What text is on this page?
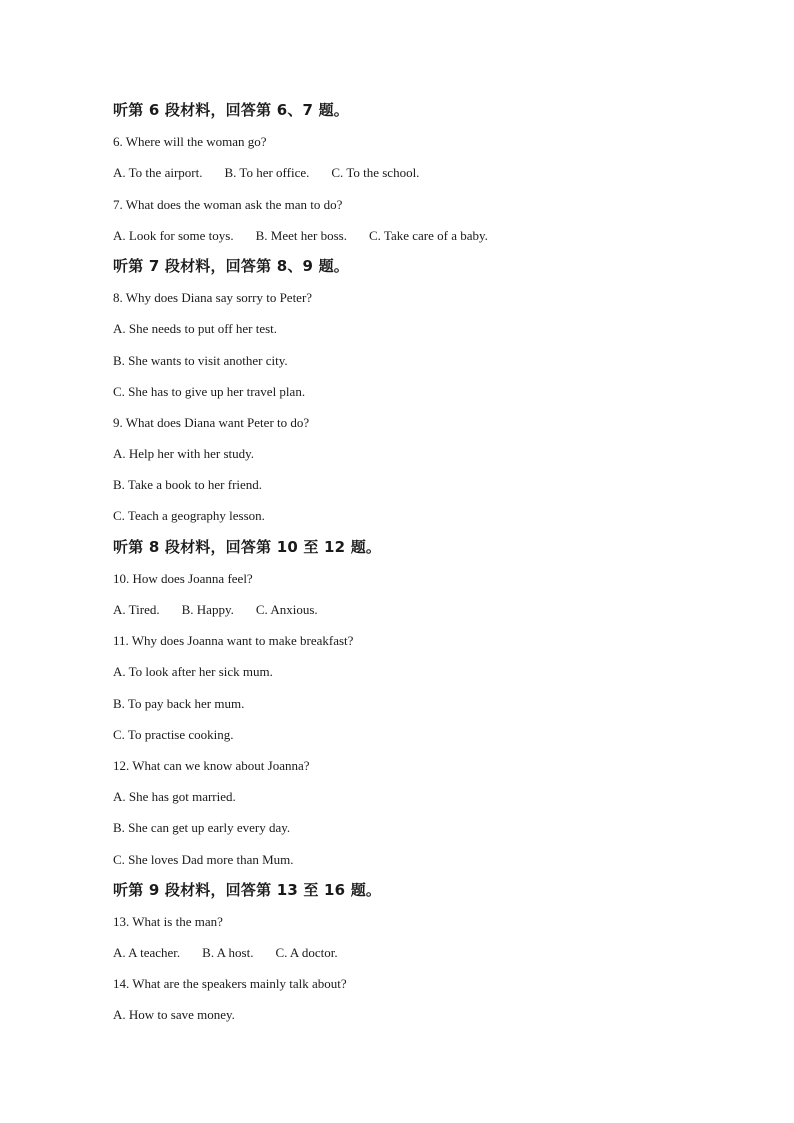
听第 6 段材料，回答第 6、7 题。
6. Where will the woman go?
A. To the airport. B. To her office. C. To the school.
7. What does the woman ask the man to do?
A. Look for some toys. B. Meet her boss. C. Take care of a baby.
听第 7 段材料，回答第 8、9 题。
8. Why does Diana say sorry to Peter?
A. She needs to put off her test.
B. She wants to visit another city.
C. She has to give up her travel plan.
9. What does Diana want Peter to do?
A. Help her with her study.
B. Take a book to her friend.
C. Teach a geography lesson.
听第 8 段材料，回答第 10 至 12 题。
10. How does Joanna feel?
A. Tired. B. Happy. C. Anxious.
11. Why does Joanna want to make breakfast?
A. To look after her sick mum.
B. To pay back her mum.
C. To practise cooking.
12. What can we know about Joanna?
A. She has got married.
B. She can get up early every day.
C. She loves Dad more than Mum.
听第 9 段材料，回答第 13 至 16 题。
13. What is the man?
A. A teacher. B. A host. C. A doctor.
14. What are the speakers mainly talk about?
A. How to save money.
